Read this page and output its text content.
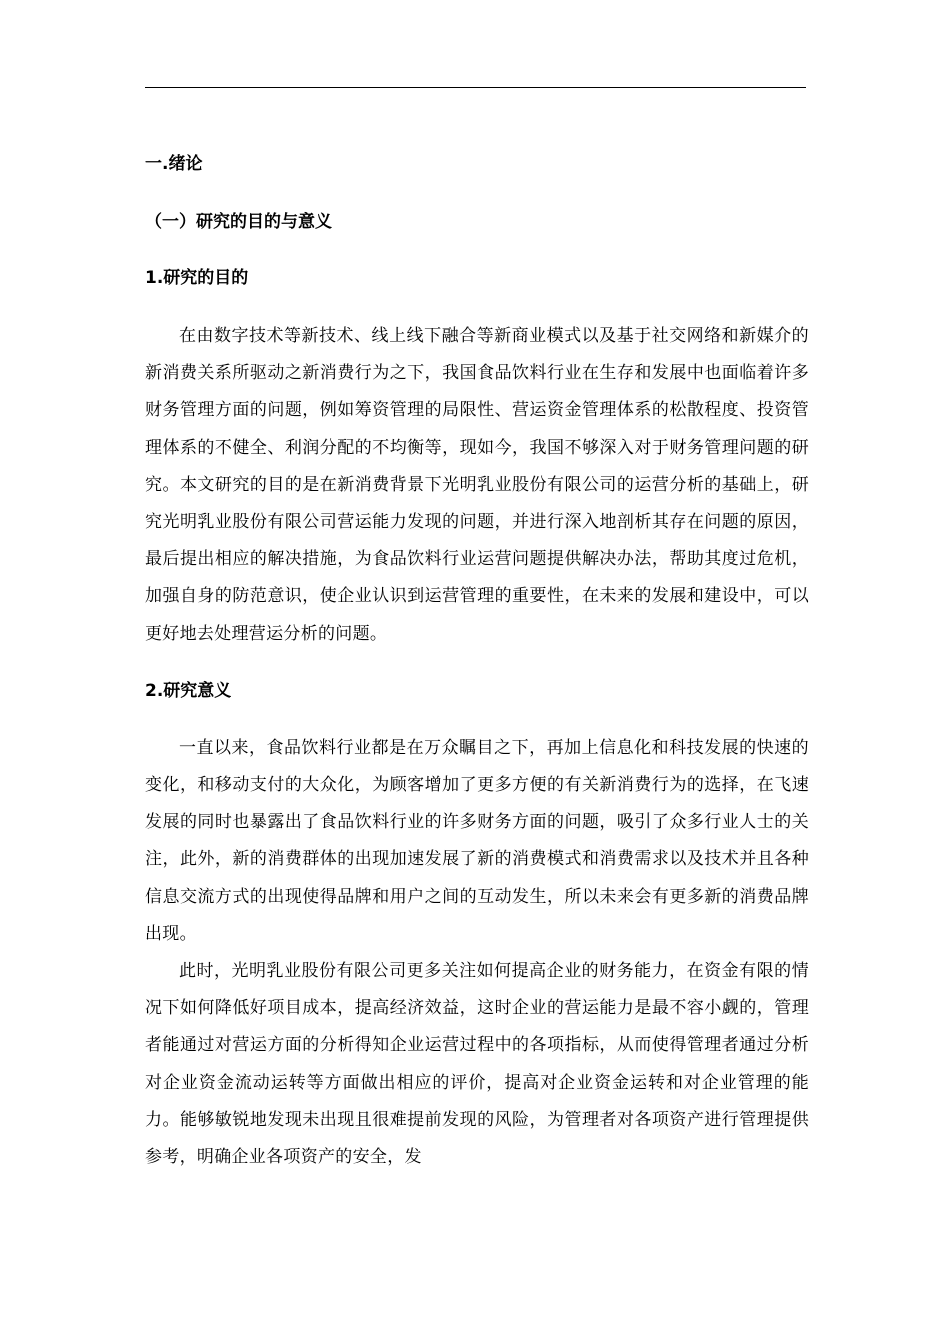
一.绪论
（一）研究的目的与意义
1.研究的目的

在由数字技术等新技术、线上线下融合等新商业模式以及基于社交网络和新媒介的新消费关系所驱动之新消费行为之下，我国食品饮料行业在生存和发展中也面临着许多财务管理方面的问题，例如筹资管理的局限性、营运资金管理体系的松散程度、投资管理体系的不健全、利润分配的不均衡等，现如今，我国不够深入对于财务管理问题的研究。本文研究的目的是在新消费背景下光明乳业股份有限公司的运营分析的基础上，研究光明乳业股份有限公司营运能力发现的问题，并进行深入地剖析其存在问题的原因，最后提出相应的解决措施，为食品饮料行业运营问题提供解决办法，帮助其度过危机，加强自身的防范意识，使企业认识到运营管理的重要性，在未来的发展和建设中，可以更好地去处理营运分析的问题。

2.研究意义

一直以来，食品饮料行业都是在万众瞩目之下，再加上信息化和科技发展的快速的变化，和移动支付的大众化，为顾客增加了更多方便的有关新消费行为的选择，在飞速发展的同时也暴露出了食品饮料行业的许多财务方面的问题，吸引了众多行业人士的关注，此外，新的消费群体的出现加速发展了新的消费模式和消费需求以及技术并且各种信息交流方式的出现使得品牌和用户之间的互动发生，所以未来会有更多新的消费品牌出现。

此时，光明乳业股份有限公司更多关注如何提高企业的财务能力，在资金有限的情况下如何降低好项目成本，提高经济效益，这时企业的营运能力是最不容小觑的，管理者能通过对营运方面的分析得知企业运营过程中的各项指标，从而使得管理者通过分析对企业资金流动运转等方面做出相应的评价，提高对企业资金运转和对企业管理的能力。能够敏锐地发现未出现且很难提前发现的风险，为管理者对各项资产进行管理提供参考，明确企业各项资产的安全，发
